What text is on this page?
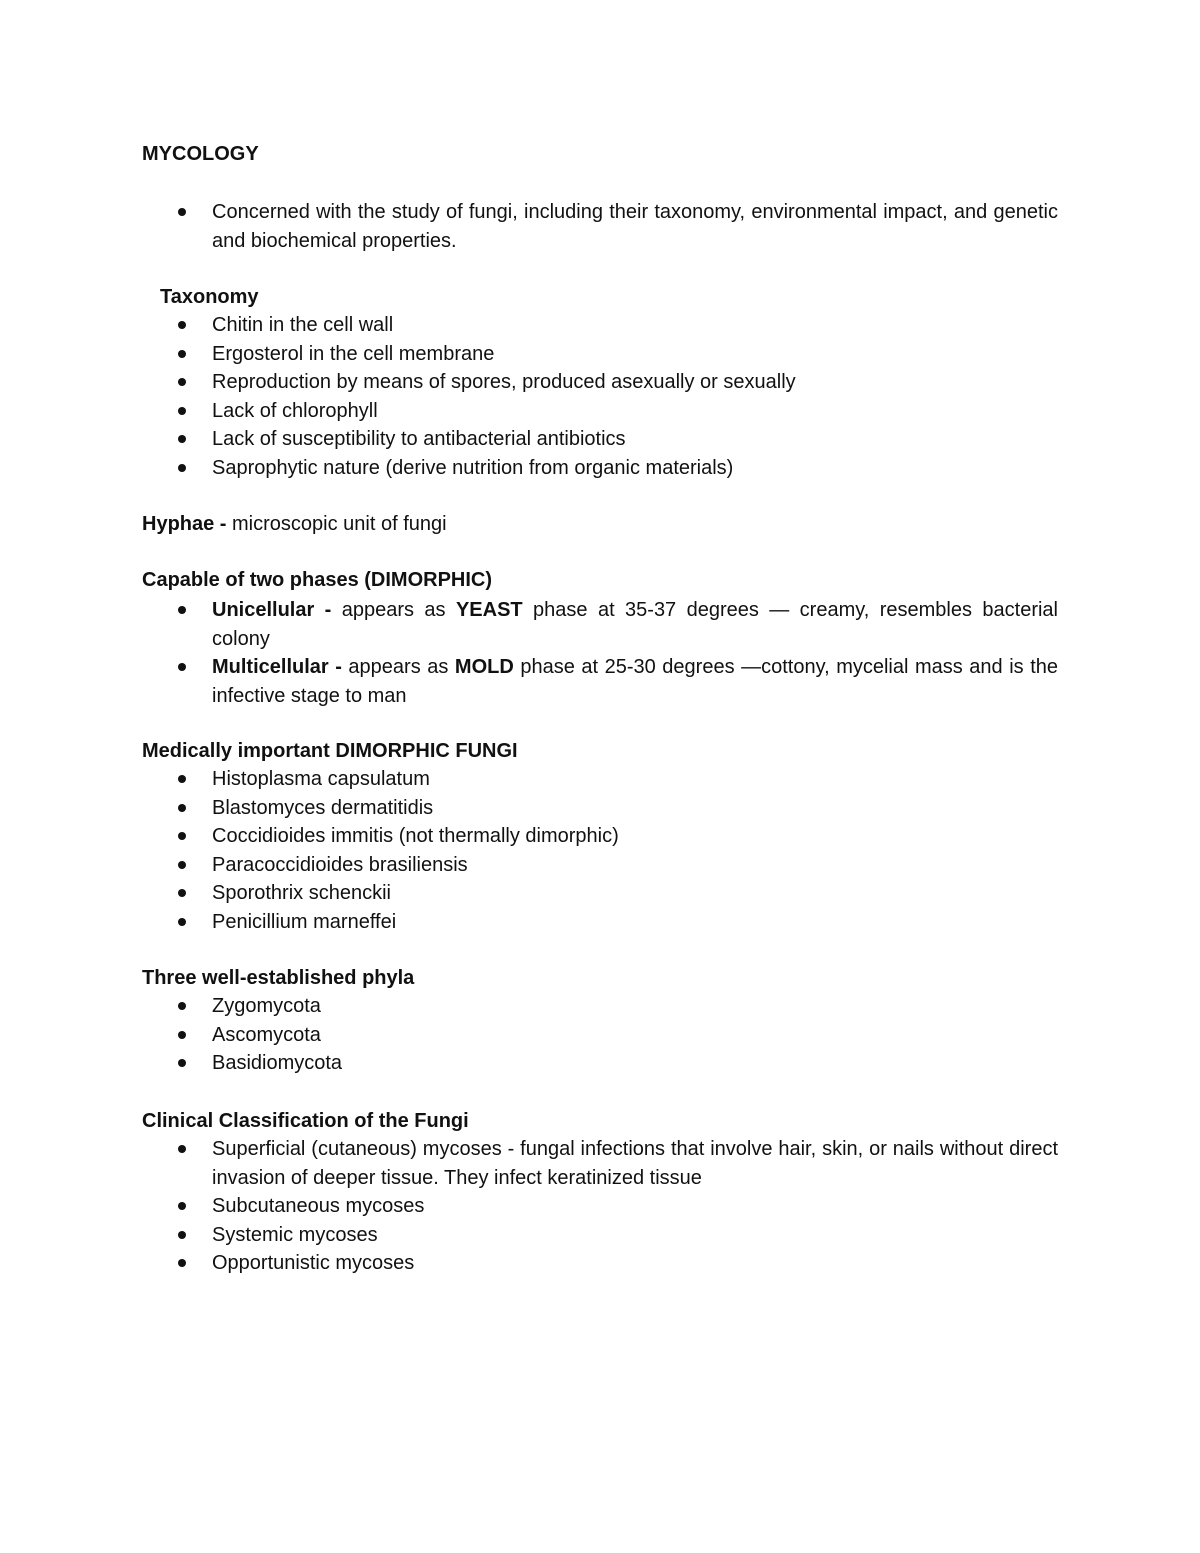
MYCOLOGY
Concerned with the study of fungi, including their taxonomy, environmental impact, and genetic and biochemical properties.
Taxonomy
Chitin in the cell wall
Ergosterol in the cell membrane
Reproduction by means of spores, produced asexually or sexually
Lack of chlorophyll
Lack of susceptibility to antibacterial antibiotics
Saprophytic nature (derive nutrition from organic materials)
Hyphae - microscopic unit of fungi
Capable of two phases (DIMORPHIC)
Unicellular - appears as YEAST phase at 35-37 degrees — creamy, resembles bacterial colony
Multicellular - appears as MOLD phase at 25-30 degrees —cottony, mycelial mass and is the infective stage to man
Medically important DIMORPHIC FUNGI
Histoplasma capsulatum
Blastomyces dermatitidis
Coccidioides immitis (not thermally dimorphic)
Paracoccidioides brasiliensis
Sporothrix schenckii
Penicillium marneffei
Three well-established phyla
Zygomycota
Ascomycota
Basidiomycota
Clinical Classification of the Fungi
Superficial (cutaneous) mycoses - fungal infections that involve hair, skin, or nails without direct invasion of deeper tissue. They infect keratinized tissue
Subcutaneous mycoses
Systemic mycoses
Opportunistic mycoses
